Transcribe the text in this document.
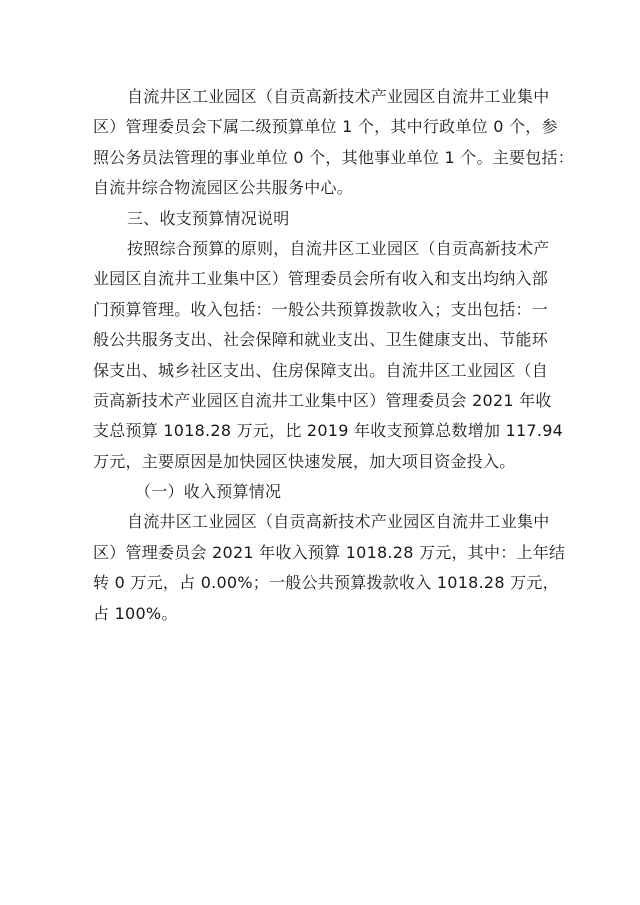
自流井区工业园区（自贡高新技术产业园区自流井工业集中
区）管理委员会下属二级预算单位 1 个，其中行政单位 0 个，参
照公务员法管理的事业单位 0 个，其他事业单位 1 个。主要包括：
自流井综合物流园区公共服务中心。
三、收支预算情况说明
按照综合预算的原则，自流井区工业园区（自贡高新技术产
业园区自流井工业集中区）管理委员会所有收入和支出均纳入部
门预算管理。收入包括：一般公共预算拨款收入；支出包括：一
般公共服务支出、社会保障和就业支出、卫生健康支出、节能环
保支出、城乡社区支出、住房保障支出。自流井区工业园区（自
贡高新技术产业园区自流井工业集中区）管理委员会 2021 年收
支总预算 1018.28 万元，比 2019 年收支预算总数增加 117.94
万元，主要原因是加快园区快速发展，加大项目资金投入。
（一）收入预算情况
自流井区工业园区（自贡高新技术产业园区自流井工业集中
区）管理委员会 2021 年收入预算 1018.28 万元，其中：上年结
转 0 万元，占 0.00%；一般公共预算拨款收入 1018.28 万元，
占 100%。
